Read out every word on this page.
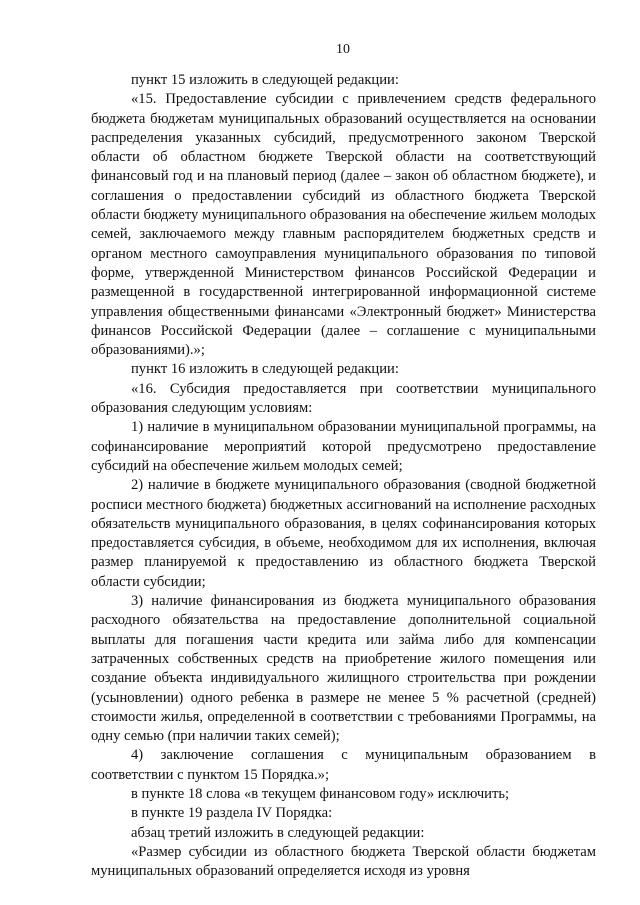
10

пункт 15 изложить в следующей редакции:

«15. Предоставление субсидии с привлечением средств федерального бюджета бюджетам муниципальных образований осуществляется на основании распределения указанных субсидий, предусмотренного законом Тверской области об областном бюджете Тверской области на соответствующий финансовый год и на плановый период (далее – закон об областном бюджете), и соглашения о предоставлении субсидий из областного бюджета Тверской области бюджету муниципального образования на обеспечение жильем молодых семей, заключаемого между главным распорядителем бюджетных средств и органом местного самоуправления муниципального образования по типовой форме, утвержденной Министерством финансов Российской Федерации и размещенной в государственной интегрированной информационной системе управления общественными финансами «Электронный бюджет» Министерства финансов Российской Федерации (далее – соглашение с муниципальными образованиями).»;

пункт 16 изложить в следующей редакции:

«16. Субсидия предоставляется при соответствии муниципального образования следующим условиям:

1) наличие в муниципальном образовании муниципальной программы, на софинансирование мероприятий которой предусмотрено предоставление субсидий на обеспечение жильем молодых семей;

2) наличие в бюджете муниципального образования (сводной бюджетной росписи местного бюджета) бюджетных ассигнований на исполнение расходных обязательств муниципального образования, в целях софинансирования которых предоставляется субсидия, в объеме, необходимом для их исполнения, включая размер планируемой к предоставлению из областного бюджета Тверской области субсидии;

3) наличие финансирования из бюджета муниципального образования расходного обязательства на предоставление дополнительной социальной выплаты для погашения части кредита или займа либо для компенсации затраченных собственных средств на приобретение жилого помещения или создание объекта индивидуального жилищного строительства при рождении (усыновлении) одного ребенка в размере не менее 5 % расчетной (средней) стоимости жилья, определенной в соответствии с требованиями Программы, на одну семью (при наличии таких семей);

4) заключение соглашения с муниципальным образованием в соответствии с пунктом 15 Порядка.»;

в пункте 18 слова «в текущем финансовом году» исключить;

в пункте 19 раздела IV Порядка:

абзац третий изложить в следующей редакции:

«Размер субсидии из областного бюджета Тверской области бюджетам муниципальных образований определяется исходя из уровня
